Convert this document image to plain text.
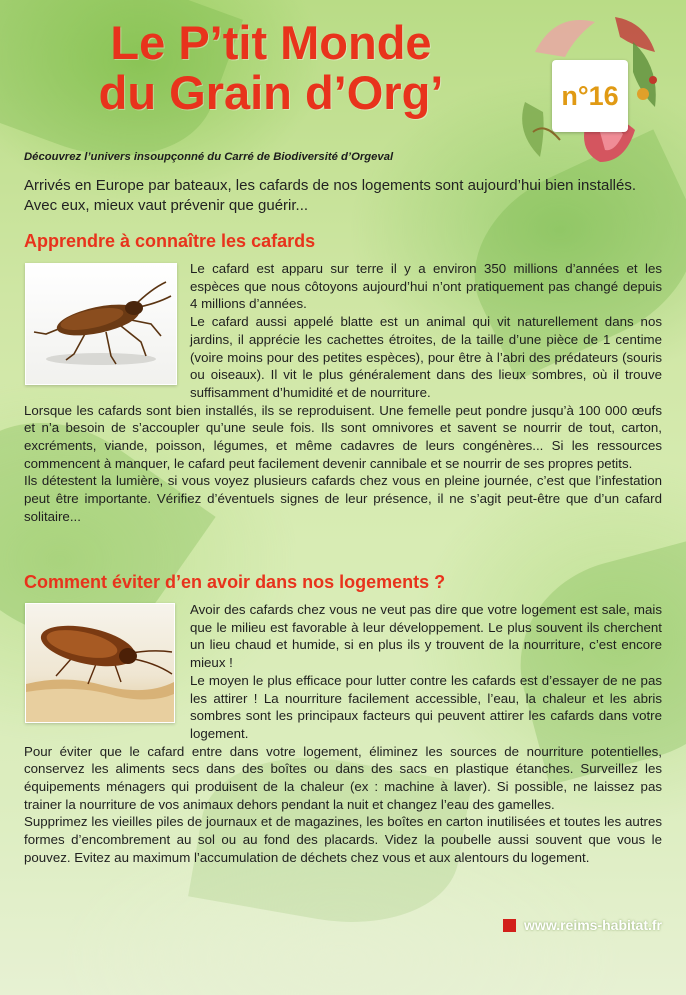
Le P’tit Monde
du Grain d’Org’	n°16
Découvrez l’univers insoupçonné du Carré de Biodiversité d’Orgeval
Arrivés en Europe par bateaux, les cafards de nos logements sont aujourd’hui bien installés. Avec eux, mieux vaut prévenir que guérir...
Apprendre à connaître les cafards

Le cafard est apparu sur terre il y a environ 350 millions d’années et les espèces que nous côtoyons aujourd’hui n’ont pratiquement pas changé depuis 4 millions d’années.

Le cafard aussi appelé blatte est un animal qui vit naturellement dans nos jardins, il apprécie les cachettes étroites, de la taille d’une pièce de 1 centime (voire moins pour des petites espèces), pour être à l’abri des prédateurs (souris ou oiseaux). Il vit le plus généralement dans des lieux sombres, où il trouve suffisamment d’humidité et de nourriture.

Lorsque les cafards sont bien installés, ils se reproduisent. Une femelle peut pondre jusqu’à 100 000 œufs et n’a besoin de s’accoupler qu’une seule fois. Ils sont omnivores et savent se nourrir de tout, carton, excréments, viande, poisson, légumes, et même cadavres de leurs congénères... Si les ressources commencent à manquer, le cafard peut facilement devenir cannibale et se nourrir de ses propres petits.

Ils détestent la lumière, si vous voyez plusieurs cafards chez vous en pleine journée, c’est que l’infestation peut être importante. Vérifiez d’éventuels signes de leur présence, il ne s’agit peut-être que d’un cafard solitaire...

Comment éviter d’en avoir dans nos logements ?

Avoir des cafards chez vous ne veut pas dire que votre logement est sale, mais que le milieu est favorable à leur développement. Le plus souvent ils cherchent un lieu chaud et humide, si en plus ils y trouvent de la nourriture, c’est encore mieux !

Le moyen le plus efficace pour lutter contre les cafards est d’essayer de ne pas les attirer ! La nourriture facilement accessible, l’eau, la chaleur et les abris sombres sont les principaux facteurs qui peuvent attirer les cafards dans votre logement.

Pour éviter que le cafard entre dans votre logement, éliminez les sources de nourriture potentielles, conservez les aliments secs dans des boîtes ou dans des sacs en plastique étanches. Surveillez les équipements ménagers qui produisent de la chaleur (ex : machine à laver). Si possible, ne laissez pas trainer la nourriture de vos animaux dehors pendant la nuit et changez l’eau des gamelles.

Supprimez les vieilles piles de journaux et de magazines, les boîtes en carton inutilisées et toutes les autres formes d’encombrement au sol ou au fond des placards. Videz la poubelle aussi souvent que vous le pouvez. Evitez au maximum l’accumulation de déchets chez vous et aux alentours du logement.

www.reims-habitat.fr
